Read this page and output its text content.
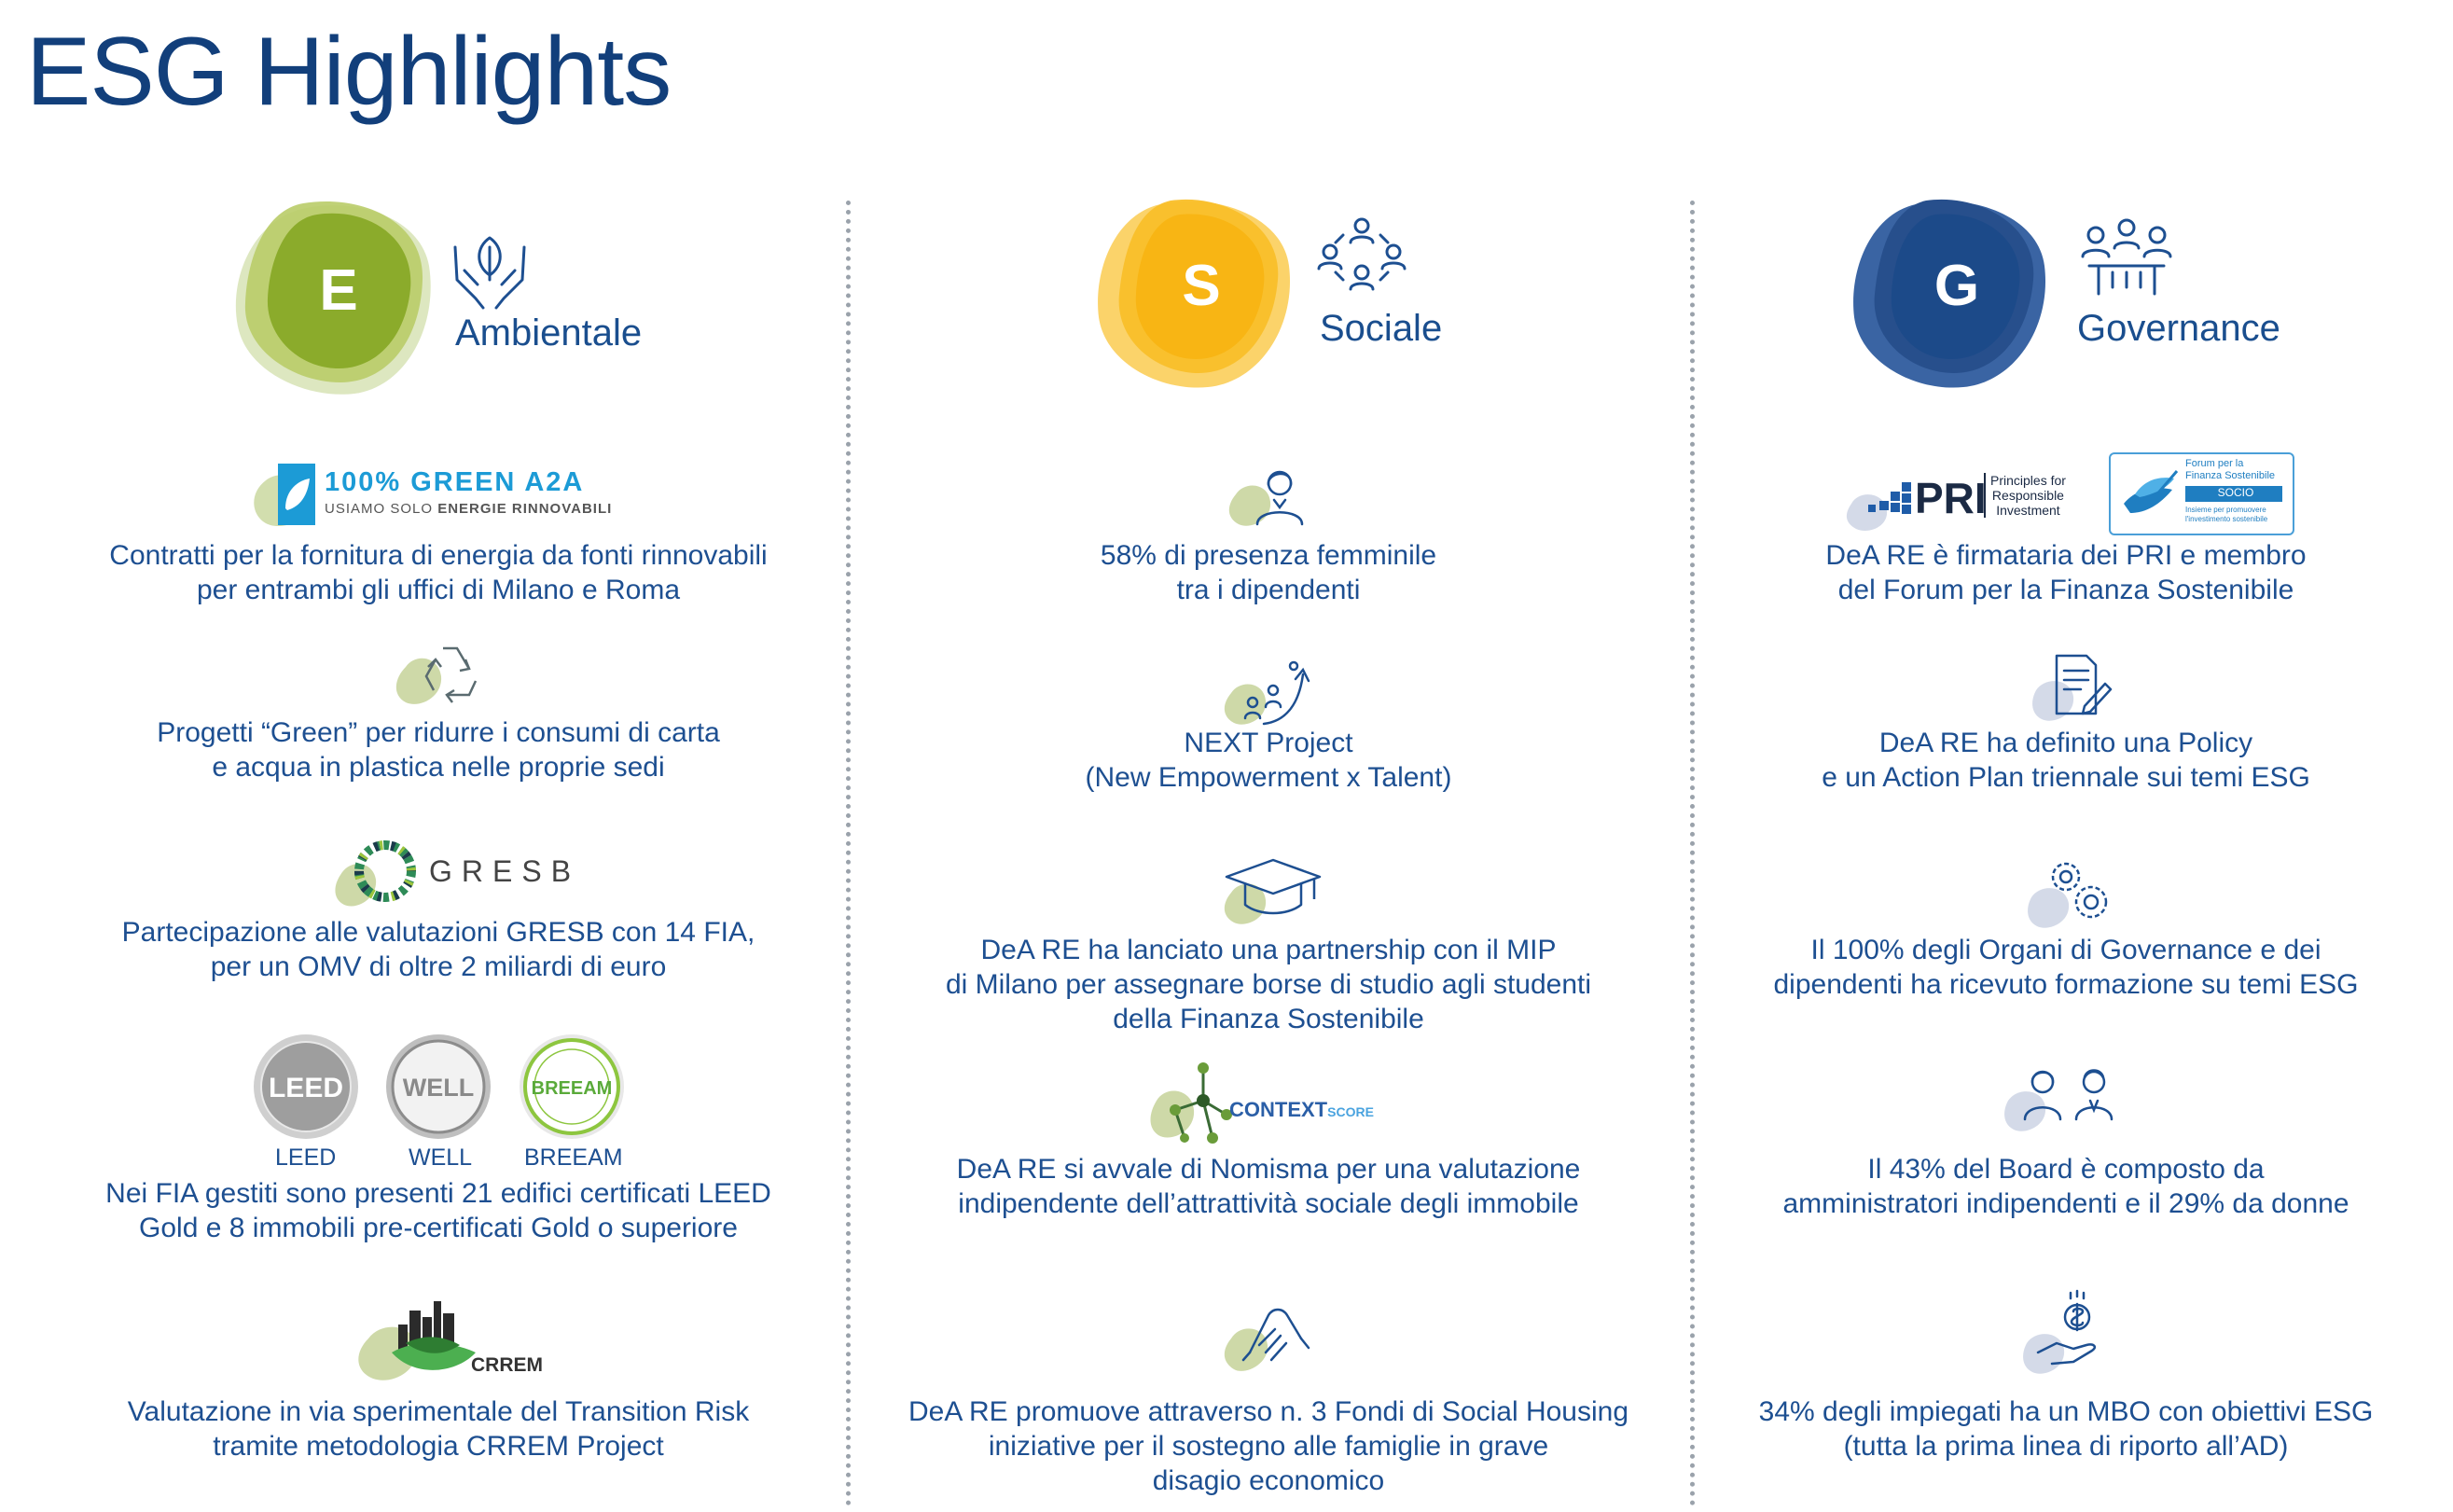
ESG Highlights
E
Ambientale
100% GREEN A2A
USIAMO SOLO ENERGIE RINNOVABILI
Contratti per la fornitura di energia da fonti rinnovabili
per entrambi gli uffici di Milano e Roma
Progetti “Green” per ridurre i consumi di carta
e acqua in plastica nelle proprie sedi
GRESB
Partecipazione alle valutazioni GRESB con 14 FIA,
per un OMV di oltre 2 miliardi di euro
LEED WELL	BREEAM
LEED	WELL BREEAM
Nei FIA gestiti sono presenti 21 edifici certificati LEED
Gold e 8 immobili pre-certificati Gold o superiore
CRREM
Valutazione in via sperimentale del Transition Risk
tramite metodologia CRREM Project
S
Sociale
58% di presenza femminile
tra i dipendenti
NEXT Project
(New Empowerment x Talent)
DeA RE ha lanciato una partnership con il MIP
di Milano per assegnare borse di studio agli studenti
della Finanza Sostenibile
CONTEXTSCORE
DeA RE si avvale di Nomisma per una valutazione
indipendente dell’attrattività sociale degli immobile
DeA RE promuove attraverso n. 3 Fondi di Social Housing
iniziative per il sostegno alle famiglie in grave
disagio economico
G
Governance
PRI Principles for
Responsible
Investment
Forum per la
Finanza Sostenibile
SOCIO
Insieme per promuovere
l'investimento sostenibile
DeA RE è firmataria dei PRI e membro
del Forum per la Finanza Sostenibile
DeA RE ha definito una Policy
e un Action Plan triennale sui temi ESG
Il 100% degli Organi di Governance e dei
dipendenti ha ricevuto formazione su temi ESG
Il 43% del Board è composto da
amministratori indipendenti e il 29% da donne
34% degli impiegati ha un MBO con obiettivi ESG
(tutta la prima linea di riporto all’AD)
